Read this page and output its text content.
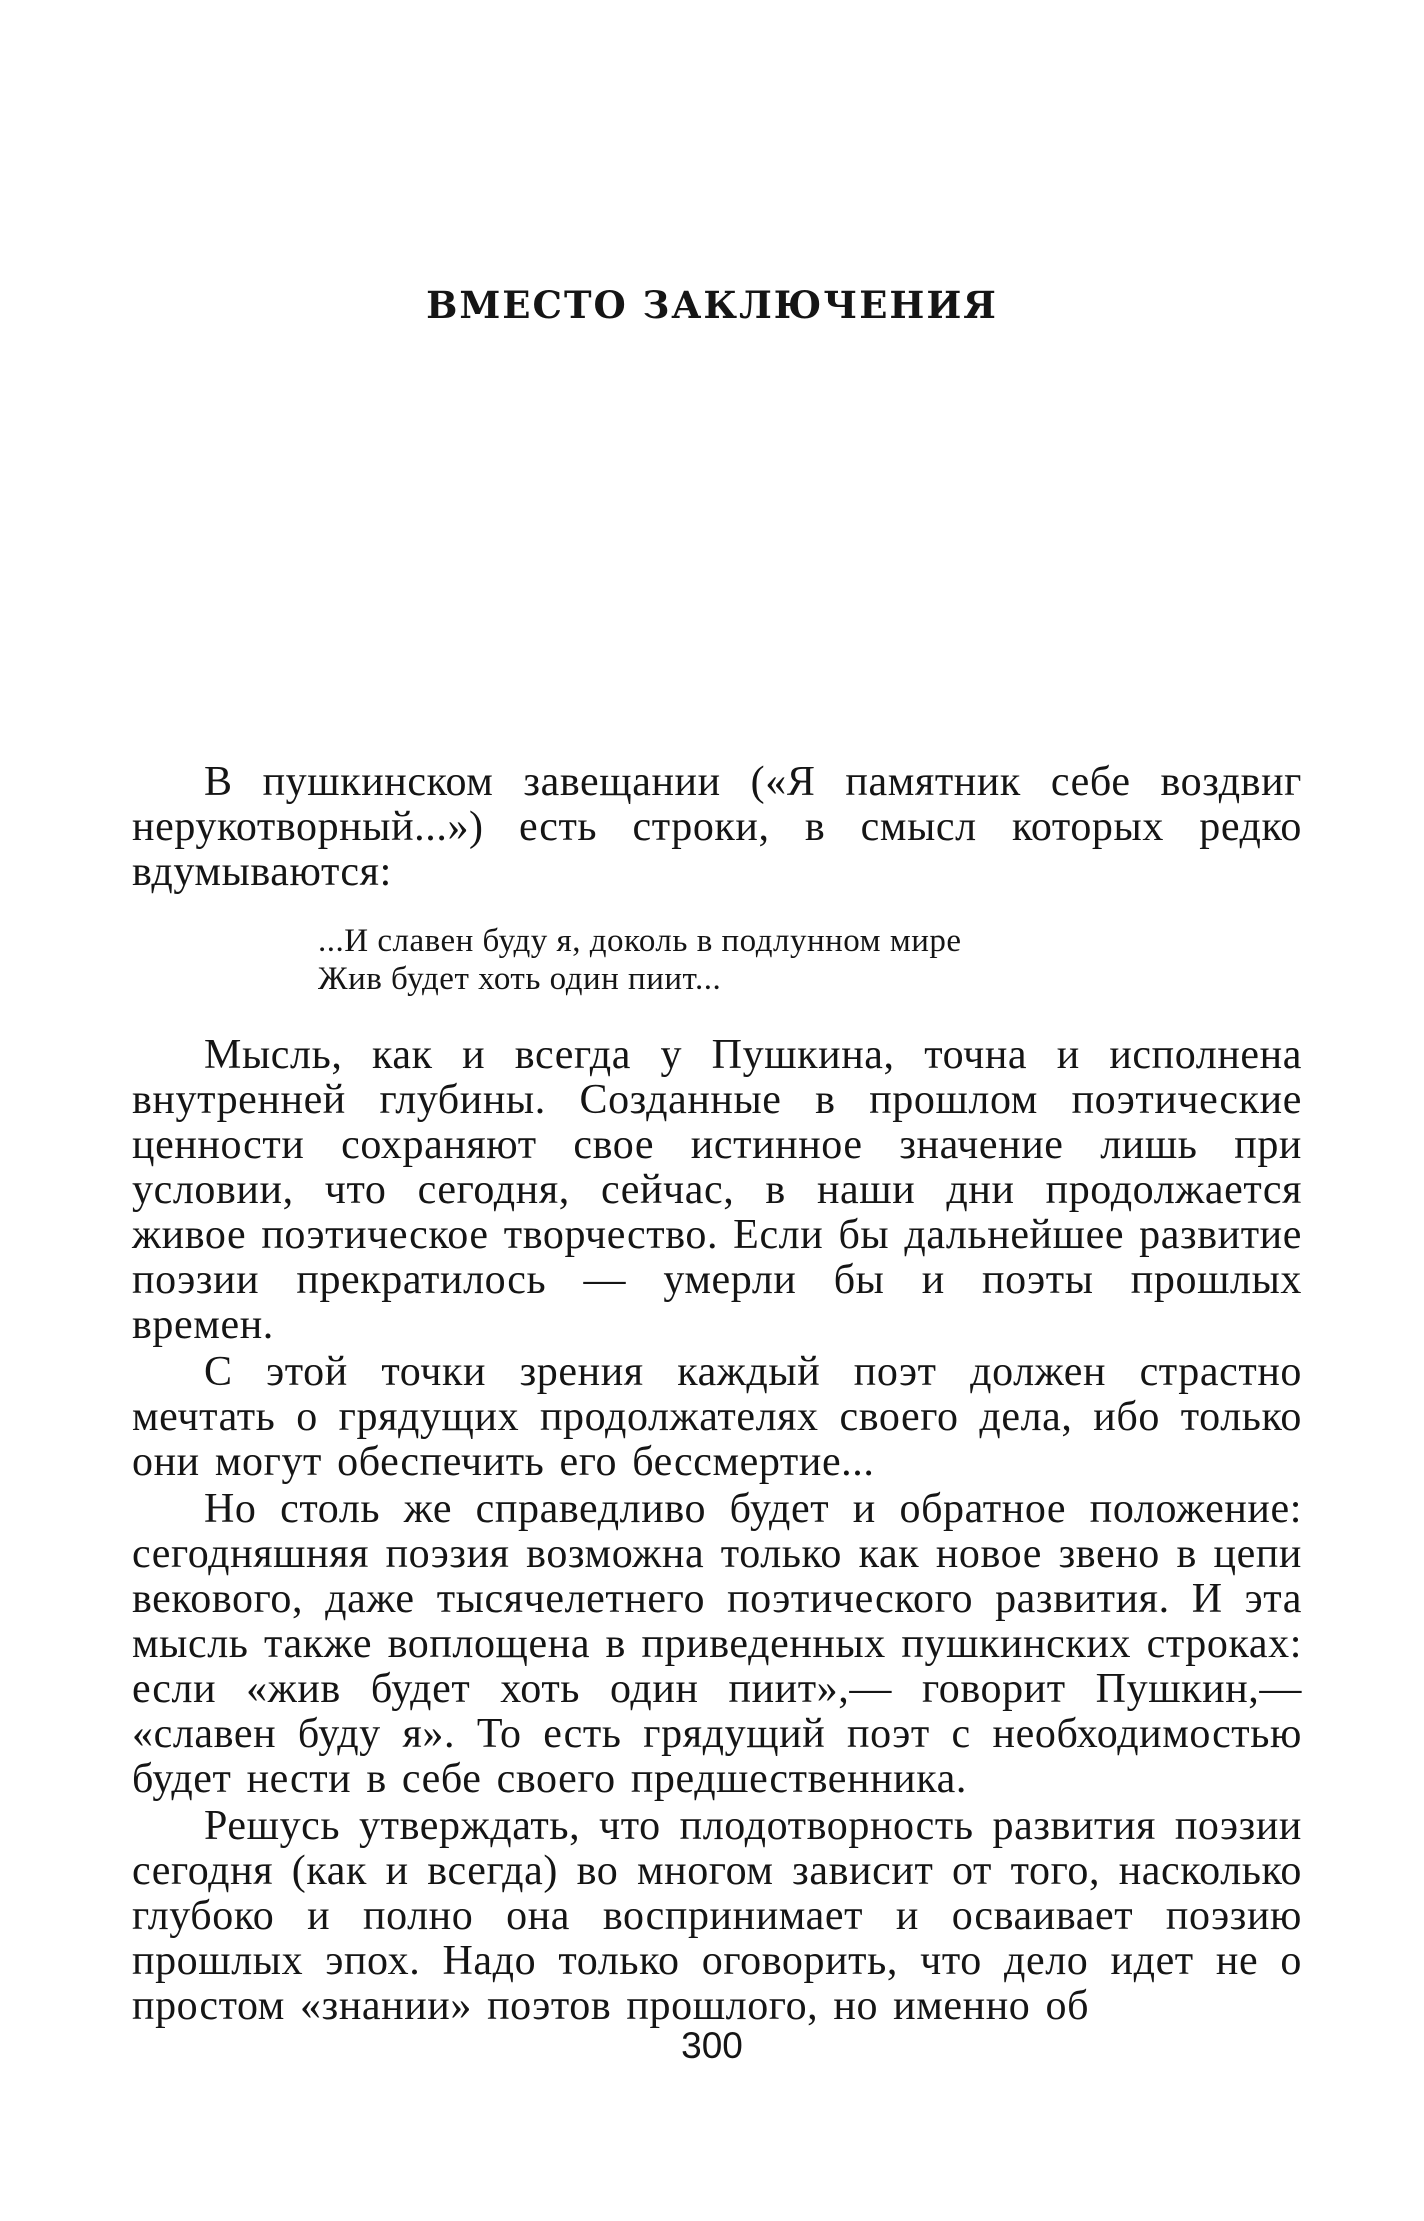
ВМЕСТО ЗАКЛЮЧЕНИЯ

В пушкинском завещании («Я памятник себе воздвиг нерукотворный...») есть строки, в смысл которых редко вдумываются:

...И славен буду я, доколь в подлунном мире
Жив будет хоть один пиит...

Мысль, как и всегда у Пушкина, точна и исполнена внутренней глубины. Созданные в прошлом поэтические ценности сохраняют свое истинное значение лишь при условии, что сегодня, сейчас, в наши дни продолжается живое поэтическое творчество. Если бы дальнейшее развитие поэзии прекратилось — умерли бы и поэты прошлых времен.

С этой точки зрения каждый поэт должен страстно мечтать о грядущих продолжателях своего дела, ибо только они могут обеспечить его бессмертие...

Но столь же справедливо будет и обратное положение: сегодняшняя поэзия возможна только как новое звено в цепи векового, даже тысячелетнего поэтического развития. И эта мысль также воплощена в приведенных пушкинских строках: если «жив будет хоть один пиит»,— говорит Пушкин,— «славен буду я». То есть грядущий поэт с необходимостью будет нести в себе своего предшественника.

Решусь утверждать, что плодотворность развития поэзии сегодня (как и всегда) во многом зависит от того, насколько глубоко и полно она воспринимает и осваивает поэзию прошлых эпох. Надо только оговорить, что дело идет не о простом «знании» поэтов прошлого, но именно об

300
